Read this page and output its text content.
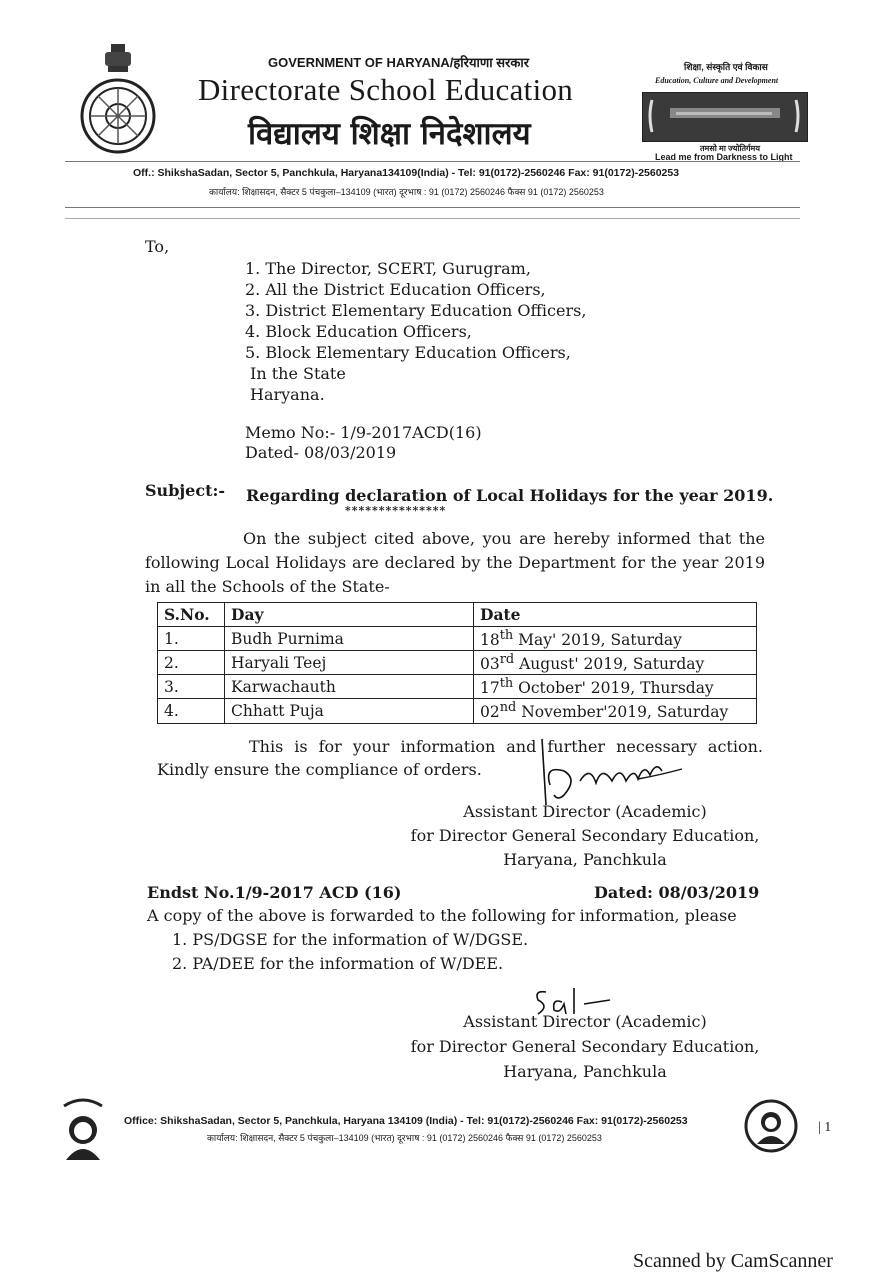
GOVERNMENT OF HARYANA/हरियाणा सरकार
Directorate School Education
विद्यालय शिक्षा निदेशालय
शिक्षा, संस्कृति एवं विकास
Education, Culture and Development
तमसो मा ज्योतिर्गमय
Lead me from Darkness to Light
Off.: ShikshaSadan, Sector 5, Panchkula, Haryana134109(India) - Tel: 91(0172)-2560246 Fax: 91(0172)-2560253
कार्यालय: शिक्षासदन, सैक्टर 5 पंचकुला–134109 (भारत) दूरभाष : 91 (0172) 2560246 फैक्स 91 (0172) 2560253
To,
1. The Director, SCERT, Gurugram,
2. All the District Education Officers,
3. District Elementary Education Officers,
4. Block Education Officers,
5. Block Elementary Education Officers,
In the State
Haryana.
Memo No:- 1/9-2017ACD(16)
Dated- 08/03/2019
Subject:- Regarding declaration of Local Holidays for the year 2019.
***************
On the subject cited above, you are hereby informed that the following Local Holidays are declared by the Department for the year 2019 in all the Schools of the State-
S.No.	Day	Date
1.	Budh Purnima	18th May' 2019, Saturday
2.	Haryali Teej	03rd August' 2019, Saturday
3.	Karwachauth	17th October' 2019, Thursday
4.	Chhatt Puja	02nd November'2019, Saturday
This is for your information and further necessary action. Kindly ensure the compliance of orders.
Assistant Director (Academic)
for Director General Secondary Education,
Haryana, Panchkula
Endst No.1/9-2017 ACD (16)	Dated: 08/03/2019
A copy of the above is forwarded to the following for information, please
1. PS/DGSE for the information of W/DGSE.
2. PA/DEE for the information of W/DEE.
Assistant Director (Academic)
for Director General Secondary Education,
Haryana, Panchkula
Office: ShikshaSadan, Sector 5, Panchkula, Haryana 134109 (India) - Tel: 91(0172)-2560246 Fax: 91(0172)-2560253
कार्यालय: शिक्षासदन, सैक्टर 5 पंचकुला–134109 (भारत) दूरभाष : 91 (0172) 2560246 फैक्स 91 (0172) 2560253
| 1
Scanned by CamScanner
